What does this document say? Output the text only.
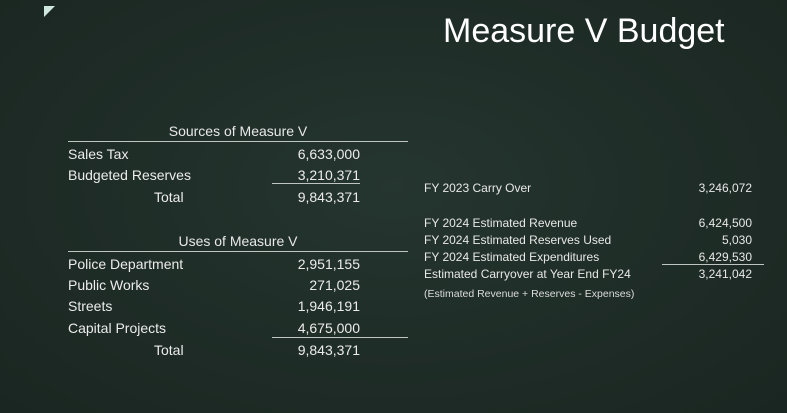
Measure V Budget
Sources of Measure V
Sales Tax	6,633,000
Budgeted Reserves	3,210,371
Total	9,843,371
Uses of Measure V
Police Department	2,951,155
Public Works	271,025
Streets	1,946,191
Capital Projects	4,675,000
Total	9,843,371
FY 2023 Carry Over	3,246,072
FY 2024 Estimated Revenue	6,424,500
FY 2024 Estimated Reserves Used	5,030
FY 2024 Estimated Expenditures	6,429,530
Estimated Carryover at Year End FY24	3,241,042
(Estimated Revenue + Reserves - Expenses)
